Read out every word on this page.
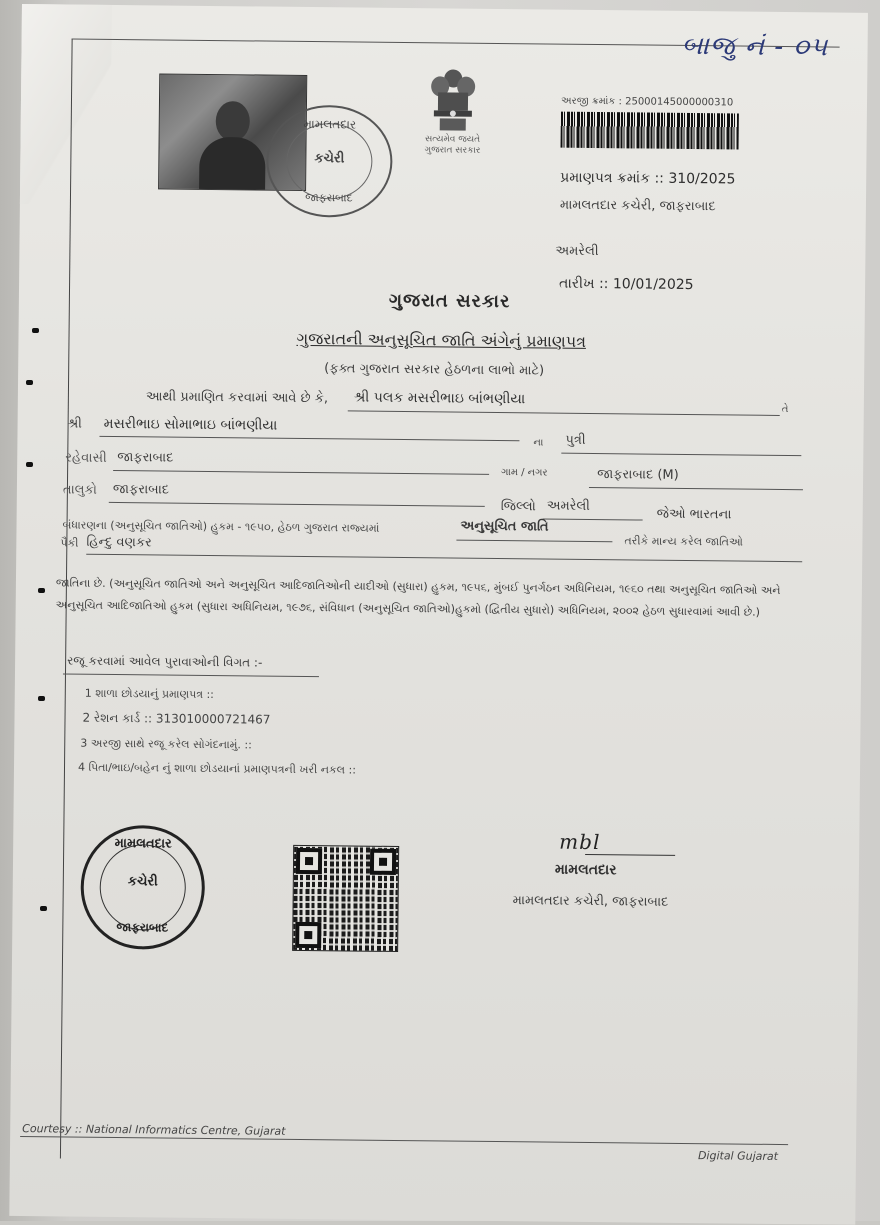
બાજુ નં - ૦૫
મામલતદાર
કચેરી
જાફરાબાદ
સત્યમેવ જયતે
ગુજરાત સરકાર
અરજી ક્રમાંક : 25000145000000310
પ્રમાણપત્ર ક્રમાંક :: 310/2025
મામલતદાર કચેરી, જાફરાબાદ
અમરેલી
તારીખ :: 10/01/2025
ગુજરાત સરકાર
ગુજરાતની અનુસૂચિત જાતિ અંગેનું પ્રમાણપત્ર
(ફક્ત ગુજરાત સરકાર હેઠળના લાભો માટે)
આથી પ્રમાણિત કરવામાં આવે છે કે, શ્રી પલક મસરીભાઇ બાંભણીયા
તે
શ્રી મસરીભાઇ સોમાભાઇ બાંભણીયા
ના પુત્રી
રહેવાસી જાફરાબાદ
ગામ / નગર	જાફરાબાદ (M)
તાલુકો જાફરાબાદ
જિલ્લો અમરેલી
જેઓ ભારતના
બંધારણના (અનુસૂચિત જાતિઓ) હુકમ - ૧૯૫૦, હેઠળ ગુજરાત રાજ્યમાં	અનુસૂચિત જાતિ
તરીકે માન્ય કરેલ જાતિઓ
પૈકી હિન્દુ વણકર
જાતિના છે. (અનુસૂચિત જાતિઓ અને અનુસૂચિત આદિજાતિઓની યાદીઓ (સુધારા) હુકમ, ૧૯૫૬, મુંબઈ પુનર્ગઠન અધિનિયમ, ૧૯૬૦ તથા અનુસૂચિત જાતિઓ અને અનુસૂચિત આદિજાતિઓ હુકમ (સુધારા અધિનિયમ, ૧૯૭૬, સંવિધાન (અનુસૂચિત જાતિઓ)હુકમો (દ્વિતીય સુધારો) અધિનિયમ, ૨૦૦૨ હેઠળ સુધારવામાં આવી છે.)
રજૂ કરવામાં આવેલ પુરાવાઓની વિગત :-
1 શાળા છોડયાનું પ્રમાણપત્ર ::
2 રેશન કાર્ડ :: 313010000721467
3 અરજી સાથે રજૂ કરેલ સોગંદનામું. ::
4 પિતા/ભાઇ/બહેન નું શાળા છોડયાનાં પ્રમાણપત્રની ખરી નકલ ::
મામલતદાર
કચેરી
જાફરાબાદ
mbl
મામલતદાર
મામલતદાર કચેરી, જાફરાબાદ
Courtesy :: National Informatics Centre, Gujarat
Digital Gujarat
